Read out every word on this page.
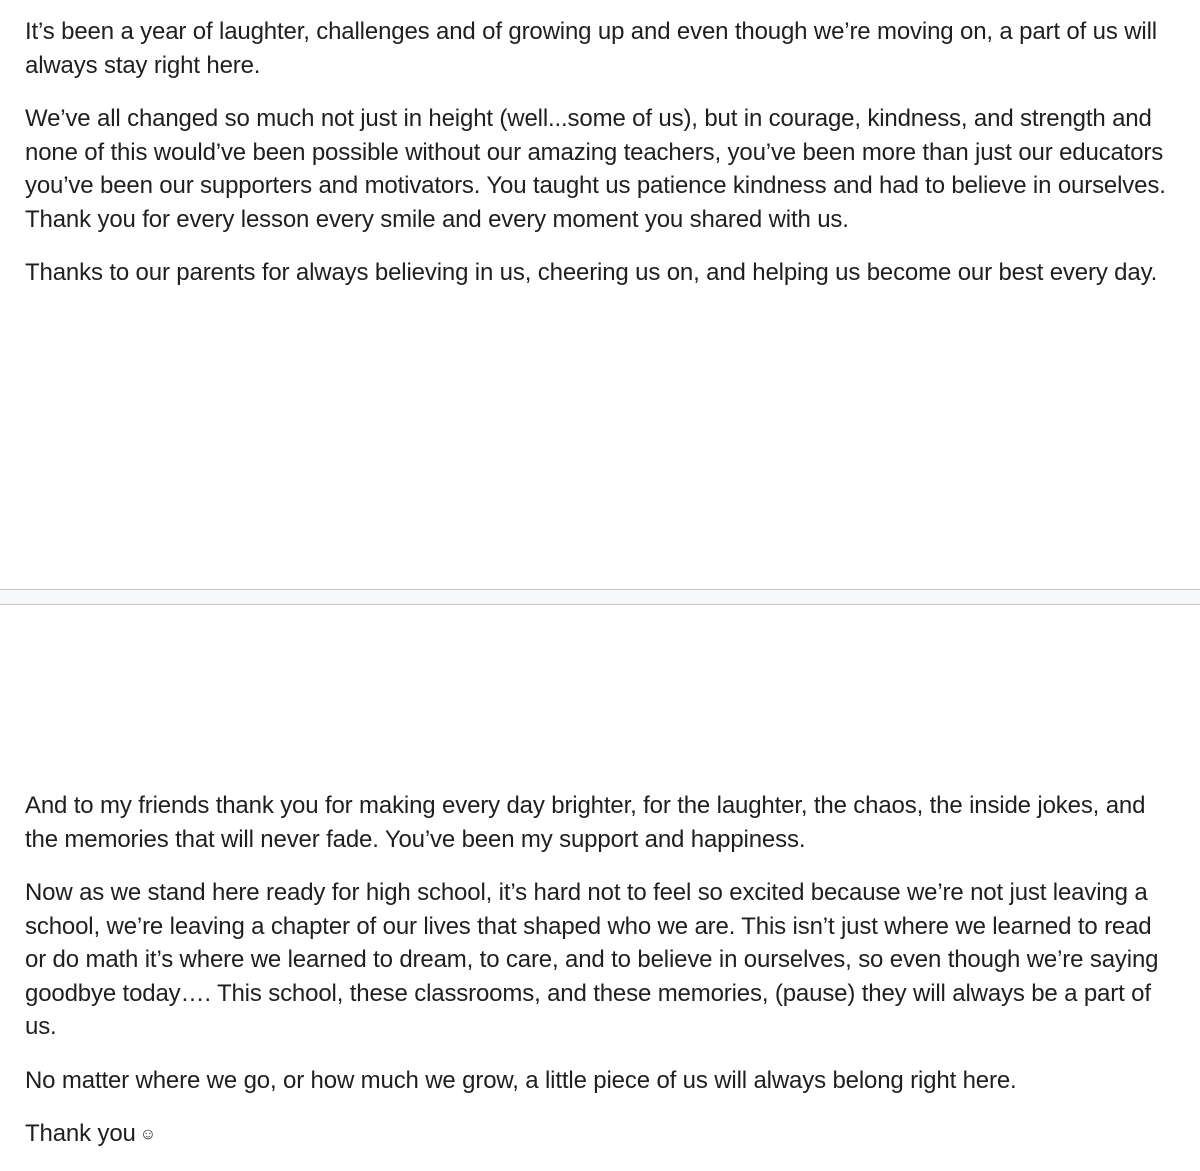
It’s been a year of laughter, challenges and of growing up and even though we’re moving on, a part of us will always stay right here.

We’ve all changed so much not just in height (well...some of us), but in courage, kindness, and strength and none of this would’ve been possible without our amazing teachers, you’ve been more than just our educators you’ve been our supporters and motivators. You taught us patience kindness and had to believe in ourselves. Thank you for every lesson every smile and every moment you shared with us.

Thanks to our parents for always believing in us, cheering us on, and helping us become our best every day.

And to my friends thank you for making every day brighter, for the laughter, the chaos, the inside jokes, and the memories that will never fade. You’ve been my support and happiness.

Now as we stand here ready for high school, it’s hard not to feel so excited because we’re not just leaving a school, we’re leaving a chapter of our lives that shaped who we are. This isn’t just where we learned to read or do math it’s where we learned to dream, to care, and to believe in ourselves, so even though we’re saying goodbye today…. This school, these classrooms, and these memories, (pause) they will always be a part of us.

No matter where we go, or how much we grow, a little piece of us will always belong right here.

Thank you ☺
